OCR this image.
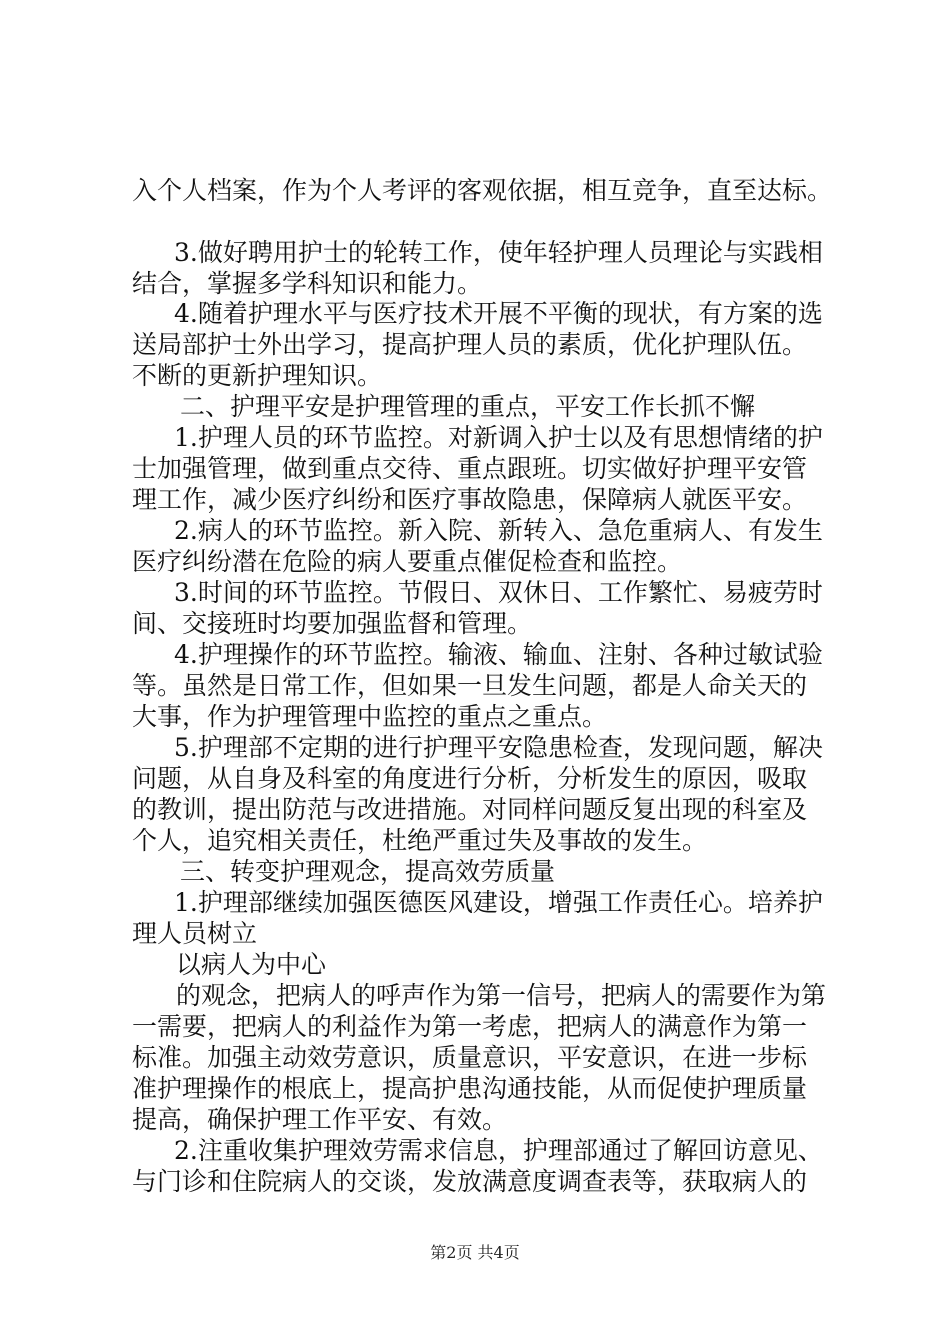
入个人档案，作为个人考评的客观依据，相互竞争，直至达标。
3.做好聘用护士的轮转工作，使年轻护理人员理论与实践相
结合，掌握多学科知识和能力。
4.随着护理水平与医疗技术开展不平衡的现状，有方案的选
送局部护士外出学习，提高护理人员的素质，优化护理队伍。
不断的更新护理知识。
二、护理平安是护理管理的重点，平安工作长抓不懈
1.护理人员的环节监控。对新调入护士以及有思想情绪的护
士加强管理，做到重点交待、重点跟班。切实做好护理平安管
理工作，减少医疗纠纷和医疗事故隐患，保障病人就医平安。
2.病人的环节监控。新入院、新转入、急危重病人、有发生
医疗纠纷潜在危险的病人要重点催促检查和监控。
3.时间的环节监控。节假日、双休日、工作繁忙、易疲劳时
间、交接班时均要加强监督和管理。
4.护理操作的环节监控。输液、输血、注射、各种过敏试验
等。虽然是日常工作，但如果一旦发生问题，都是人命关天的
大事，作为护理管理中监控的重点之重点。
5.护理部不定期的进行护理平安隐患检查，发现问题，解决
问题，从自身及科室的角度进行分析，分析发生的原因，吸取
的教训，提出防范与改进措施。对同样问题反复出现的科室及
个人，追究相关责任，杜绝严重过失及事故的发生。
三、转变护理观念，提高效劳质量
1.护理部继续加强医德医风建设，增强工作责任心。培养护
理人员树立
以病人为中心
的观念，把病人的呼声作为第一信号，把病人的需要作为第
一需要，把病人的利益作为第一考虑，把病人的满意作为第一
标准。加强主动效劳意识，质量意识，平安意识，在进一步标
准护理操作的根底上，提高护患沟通技能，从而促使护理质量
提高，确保护理工作平安、有效。
2.注重收集护理效劳需求信息，护理部通过了解回访意见、
与门诊和住院病人的交谈，发放满意度调查表等，获取病人的
第2页 共4页
